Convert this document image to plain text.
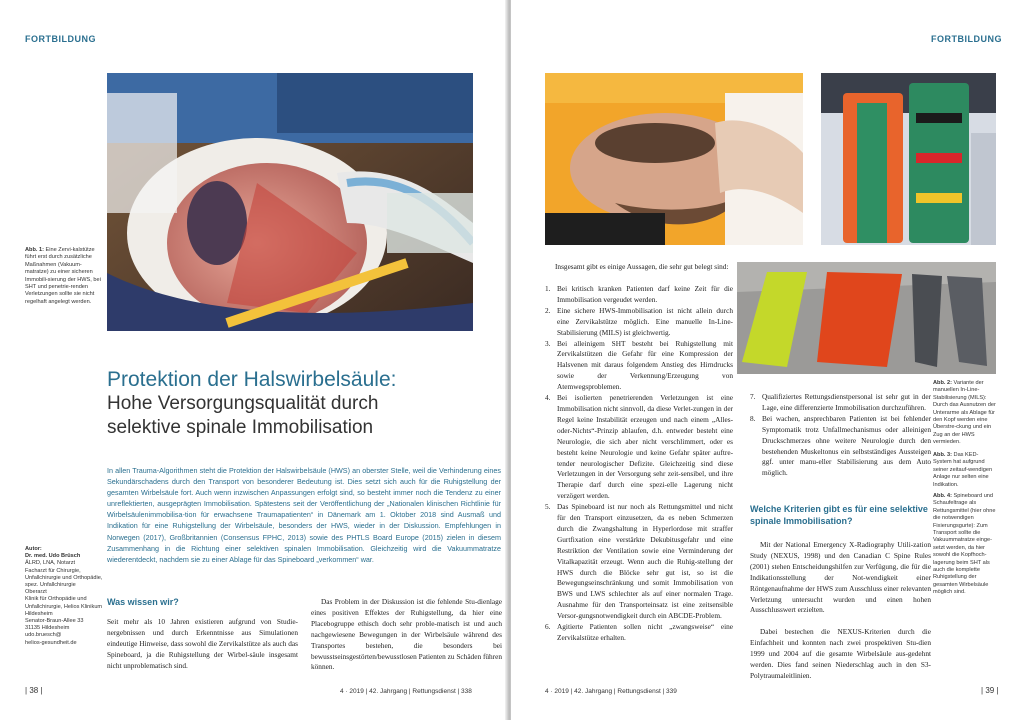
FORTBILDUNG
Abb. 1: Eine Zervi-kalstütze führt erst durch zusätzliche Maßnahmen (Vakuum-matratze) zu einer sicheren Immobili-sierung der HWS, bei SHT und penetrie-renden Verletzungen sollte sie nicht regelhaft angelegt werden.
Protektion der Halswirbelsäule:
Hohe Versorgungsqualität durch
selektive spinale Immobilisation
In allen Trauma-Algorithmen steht die Protektion der Halswirbelsäule (HWS) an oberster Stelle, weil die Verhinderung eines Sekundärschadens durch den Transport von besonderer Bedeutung ist. Dies setzt sich auch für die Ruhigstellung der gesamten Wirbelsäule fort. Auch wenn inzwischen Anpassungen erfolgt sind, so besteht immer noch die Tendenz zu einer unreflektierten, ausgeprägten Immobilisation. Spätestens seit der Veröffentlichung der „Nationalen klinischen Richtlinie für Wirbelsäulenimmobilisa-tion für erwachsene Traumapatienten“ in Dänemark am 1. Oktober 2018 sind Ausmaß und Indikation für eine Ruhigstellung der Wirbelsäule, besonders der HWS, wieder in der Diskussion. Empfehlungen in Norwegen (2017), Großbritannien (Consensus FPHC, 2013) sowie des PHTLS Board Europe (2015) zielen in diesem Zusammenhang in die Richtung einer selektiven spinalen Immobilisation. Gleichzeitig wird die Vakuummatratze wiederentdeckt, nachdem sie zu einer Ablage für das Spineboard „verkommen“ war.
Autor:
Dr. med. Udo Brüsch
ÄLRD, LNA, Notarzt
Facharzt für Chirurgie, Unfallchirurgie und Orthopädie, spez. Unfallchirurgie
Oberarzt
Klinik für Orthopädie und Unfallchirurgie, Helios Klinikum Hildesheim
Senator-Braun-Allee 33
31135 Hildesheim
udo.bruesch@
helios-gesundheit.de
Was wissen wir?
Seit mehr als 10 Jahren existieren aufgrund von Studie-nergebnissen und durch Erkenntnisse aus Simulationen eindeutige Hinweise, dass sowohl die Zervikalstütze als auch das Spineboard, ja die Ruhigstellung der Wirbel-säule insgesamt nicht unproblematisch sind.
Das Problem in der Diskussion ist die fehlende Stu-dienlage eines positiven Effektes der Ruhigstellung, da hier eine Placebogruppe ethisch doch sehr proble-matisch ist und auch nachgewiesene Bewegungen in der Wirbelsäule während des Transportes bestehen, die besonders bei bewusstseinsgestörten/bewusstlosen Patienten zu Schäden führen können.
| 38 |	4 · 2019 | 42. Jahrgang | Rettungsdienst | 338
FORTBILDUNG
Insgesamt gibt es einige Aussagen, die sehr gut belegt sind:
1. Bei kritisch kranken Patienten darf keine Zeit für die Immobilisation vergeudet werden.
2. Eine sichere HWS-Immobilisation ist nicht allein durch eine Zervikalstütze möglich. Eine manuelle In-Line-Stabilisierung (MILS) ist gleichwertig.
3. Bei alleinigem SHT besteht bei Ruhigstellung mit Zervikalstützen die Gefahr für eine Kompression der Halsvenen mit daraus folgendem Anstieg des Hirndrucks sowie der Verkennung/Erzeugung von Atemwegsproblemen.
4. Bei isolierten penetrierenden Verletzungen ist eine Immobilisation nicht sinnvoll, da diese Verlet-zungen in der Regel keine Instabilität erzeugen und nach einem „Alles-oder-Nichts“-Prinzip ablaufen, d.h. entweder besteht eine Neurologie, die sich aber nicht verschlimmert, oder es besteht keine Neurologie und keine Gefahr später auftre-tender neurologischer Defizite. Gleichzeitig sind diese Verletzungen in der Versorgung sehr zeit-sensibel, und ihre Therapie darf durch eine spezi-elle Lagerung nicht verzögert werden.
5. Das Spineboard ist nur noch als Rettungsmittel und nicht für den Transport einzusetzen, da es neben Schmerzen durch die Zwangshaltung in Hyperlordose mit straffer Gurtfixation eine verstärkte Dekubitusgefahr und eine Restriktion der Ventilation sowie eine Verminderung der Vitalkapazität erzeugt. Wenn auch die Ruhig-stellung der HWS durch die Blöcke sehr gut ist, so ist die Bewegungseinschränkung und somit Immobilisation von BWS und LWS schlechter als auf einer normalen Trage. Ausnahme für den Transporteinsatz ist eine zeitsensible Versor-gungsnotwendigkeit durch ein ABCDE-Problem.
6. Agitierte Patienten sollen nicht „zwangsweise“ eine Zervikalstütze erhalten.
7. Qualifiziertes Rettungsdienstpersonal ist sehr gut in der Lage, eine differenzierte Immobilisation durchzuführen.
8. Bei wachen, ansprechbaren Patienten ist bei fehlender Symptomatik trotz Unfallmechanismus oder alleinigen Druckschmerzes ohne weitere Neurologie durch den bestehenden Muskeltonus ein selbstständiges Aussteigen ggf. unter manu-eller Stabilisierung aus dem Auto möglich.
Welche Kriterien gibt es für eine selektive spinale Immobilisation?
Mit der National Emergency X-Radiography Utili-zation Study (NEXUS, 1998) und den Canadian C Spine Rules (2001) stehen Entscheidungshilfen zur Verfügung, die für die Indikationsstellung der Not-wendigkeit einer Röntgenaufnahme der HWS zum Ausschluss einer relevanten Verletzung untersucht wurden und einen hohen Ausschlusswert erzielten.
Dabei bestechen die NEXUS-Kriterien durch die Einfachheit und konnten nach zwei prospektiven Stu-dien 1999 und 2004 auf die gesamte Wirbelsäule aus-gedehnt werden. Dies fand seinen Niederschlag auch in den S3-Polytraumaleitlinien.
Abb. 2: Variante der manuellen In-Line-Stabilisierung (MILS): Durch das Ausnutzen der Unterarme als Ablage für den Kopf werden eine Überstre-ckung und ein Zug an der HWS vermieden.
Abb. 3: Das KED-System hat aufgrund seiner zeitauf-wendigen Anlage nur selten eine Indikation.
Abb. 4: Spineboard und Schaufeltrage als Rettungsmittel (hier ohne die notwendigen Fixierungsgurte): Zum Transport sollte die Vakuummatratze einge-setzt werden, da hier sowohl die Kopfhoch-lagerung beim SHT als auch die komplette Ruhigstellung der gesamten Wirbelsäule möglich sind.
4 · 2019 | 42. Jahrgang | Rettungsdienst | 339	| 39 |
